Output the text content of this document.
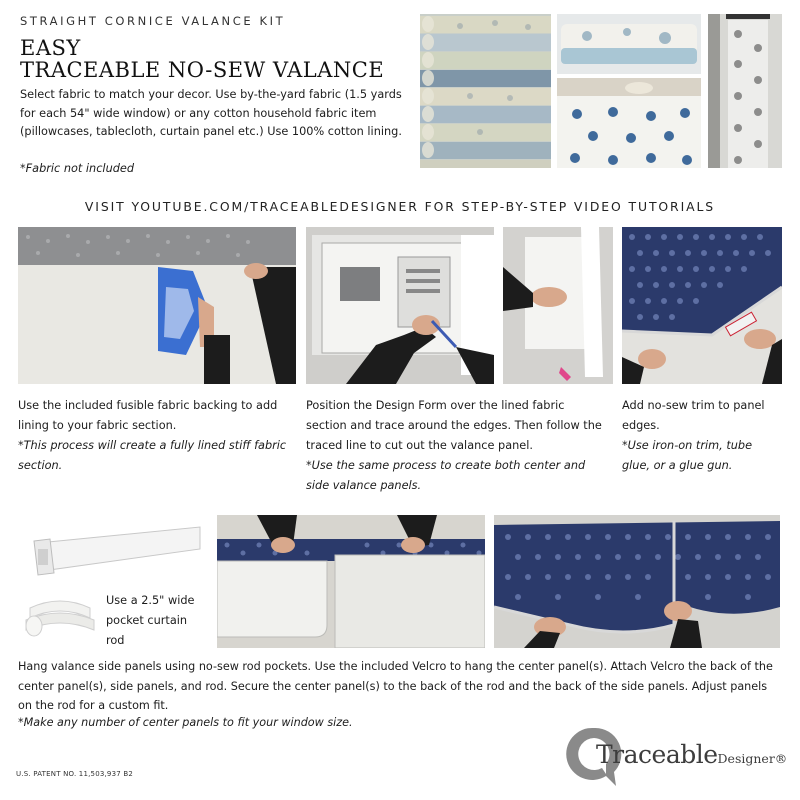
STRAIGHT CORNICE VALANCE KIT
EASY
TRACEABLE NO-SEW VALANCE
Select fabric to match your decor. Use by-the-yard fabric (1.5 yards for each 54" wide window) or any cotton household fabric item (pillowcases, tablecloth, curtain panel etc.) Use 100% cotton lining.
*Fabric not included
VISIT YOUTUBE.COM/TRACEABLEDESIGNER FOR STEP-BY-STEP VIDEO TUTORIALS
Use the included fusible fabric backing to add lining to your fabric section.
*This process will create a fully lined stiff fabric section.
Position the Design Form over the lined fabric section and trace around the edges. Then follow the traced line to cut out the valance panel.
*Use the same process to create both center and side valance panels.
Add no-sew trim to panel edges.
*Use iron-on trim, tube glue, or a glue gun.
Use a 2.5" wide pocket curtain rod
Hang valance side panels using no-sew rod pockets. Use the included Velcro to hang the center panel(s). Attach Velcro the back of the center panel(s), side panels, and rod. Secure the center panel(s) to the back of the rod and the back of the side panels. Adjust panels on the rod for a custom fit.
*Make any number of center panels to fit your window size.
U.S. PATENT NO. 11,503,937 B2
TraceableDesigner®
